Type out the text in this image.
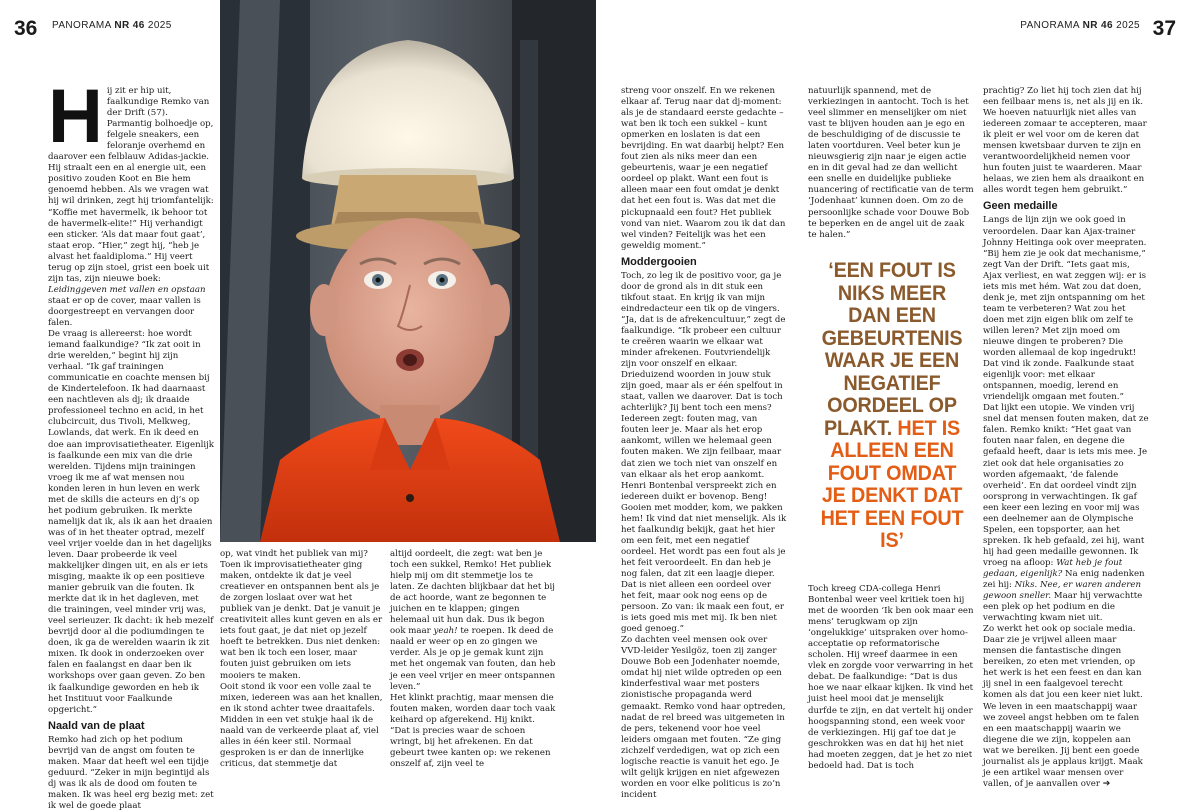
36 PANORAMA NR 46 2025	PANORAMA NR 46 2025 37
H ij zit er hip uit, faalkundige Remko van der Drift (57). Parmantig bolhoedje op, felgele sneakers, een feloranje overhemd en daarover een felblauw Adidas-jackie. Hij straalt een en al energie uit, een positivo zouden Koot en Bie hem genoemd hebben. Als we vragen wat hij wil drinken, zegt hij triomfantelijk: “Koffie met havermelk, ik behoor tot de havermelk-elite!” Hij verhandigt een sticker. ‘Als dat maar fout gaat’, staat erop. “Hier,” zegt hij, “heb je alvast het faaldiploma.” Hij veert terug op zijn stoel, grist een boek uit zijn tas, zijn nieuwe boek: Leidinggeven met vallen en opstaan staat er op de cover, maar vallen is doorgestreept en vervangen door falen.

De vraag is allereerst: hoe wordt iemand faalkundige? “Ik zat ooit in drie werelden,” begint hij zijn verhaal. “Ik gaf trainingen communicatie en coachte mensen bij de Kindertelefoon. Ik had daarnaast een nachtleven als dj; ik draaide professioneel techno en acid, in het clubcircuit, dus Tivoli, Melkweg, Lowlands, dat werk. En ik deed en doe aan improvisatietheater. Eigenlijk is faalkunde een mix van die drie werelden. Tijdens mijn trainingen vroeg ik me af wat mensen nou konden leren in hun leven en werk met de skills die acteurs en dj’s op het podium gebruiken. Ik merkte namelijk dat ik, als ik aan het draaien was of in het theater optrad, mezelf veel vrijer voelde dan in het dagelijks leven. Daar probeerde ik veel makkelijker dingen uit, en als er iets misging, maakte ik op een positieve manier gebruik van die fouten. Ik merkte dat ik in het dagleven, met die trainingen, veel minder vrij was, veel serieuzer. Ik dacht: ik heb mezelf bevrijd door al die podiumdingen te doen, ik ga de werelden waarin ik zit mixen. Ik dook in onderzoeken over falen en faalangst en daar ben ik workshops over gaan geven. Zo ben ik faalkundige geworden en heb ik het Instituut voor Faalkunde opgericht.”

Naald van de plaat

Remko had zich op het podium bevrijd van de angst om fouten te maken. Maar dat heeft wel een tijdje geduurd. “Zeker in mijn begintijd als dj was ik als de dood om fouten te maken. Ik was heel erg bezig met: zet ik wel de goede plaat

op, wat vindt het publiek van mij? Toen ik improvisatietheater ging maken, ontdekte ik dat je veel creatiever en ontspannen bent als je de zorgen loslaat over wat het publiek van je denkt. Dat je vanuit je creativiteit alles kunt geven en als er iets fout gaat, je dat niet op jezelf hoeft te betrekken. Dus niet denken: wat ben ik toch een loser, maar fouten juist gebruiken om iets mooiers te maken.
Ooit stond ik voor een volle zaal te mixen, iedereen was aan het knallen, en ik stond achter twee draaitafels. Midden in een vet stukje haal ik de naald van de verkeerde plaat af, viel alles in één keer stil. Normaal gesproken is er dan de innerlijke criticus, dat stemmetje dat

altijd oordeelt, die zegt: wat ben je toch een sukkel, Remko! Het publiek hielp mij om dit stemmetje los te laten. Ze dachten blijkbaar dat het bij de act hoorde, want ze begonnen te juichen en te klappen; gingen helemaal uit hun dak. Dus ik begon ook maar yeah! te roepen. Ik deed de naald er weer op en zo gingen we verder. Als je op je gemak kunt zijn met het ongemak van fouten, dan heb je een veel vrijer en meer ontspannen leven.”

Het klinkt prachtig, maar mensen die fouten maken, worden daar toch vaak keihard op afgerekend. Hij knikt. “Dat is precies waar de schoen wringt, bij het afrekenen. En dat gebeurt twee kanten op: we rekenen onszelf af, zijn veel te

streng voor onszelf. En we rekenen elkaar af. Terug naar dat dj-moment: als je de standaard eerste gedachte – wat ben ik toch een sukkel – kunt opmerken en loslaten is dat een bevrijding. En wat daarbij helpt? Een fout zien als niks meer dan een gebeurtenis, waar je een negatief oordeel op plakt. Want een fout is alleen maar een fout omdat je denkt dat het een fout is. Was dat met die pickupnaald een fout? Het publiek vond van niet. Waarom zou ik dat dan wel vinden? Feitelijk was het een geweldig moment.”

Moddergooien

Toch, zo leg ik de positivo voor, ga je door de grond als in dit stuk een tikfout staat. En krijg ik van mijn eindredacteur een tik op de vingers. “Ja, dat is de afrekencultuur,” zegt de faalkundige. “Ik probeer een cultuur te creëren waarin we elkaar wat minder afrekenen. Foutvriendelijk zijn voor onszelf en elkaar. Drieduizend woorden in jouw stuk zijn goed, maar als er één spelfout in staat, vallen we daarover. Dat is toch achterlijk? Jij bent toch een mens? Iedereen zegt: fouten mag, van fouten leer je. Maar als het erop aankomt, willen we helemaal geen fouten maken. We zijn feilbaar, maar dat zien we toch niet van onszelf en van elkaar als het erop aankomt. Henri Bontenbal verspreekt zich en iedereen duikt er bovenop. Beng! Gooien met modder, kom, we pakken hem! Ik vind dat niet menselijk. Als ik het faalkundig bekijk, gaat het hier om een feit, met een negatief oordeel. Het wordt pas een fout als je het feit veroordeelt. En dan heb je nog falen, dat zit een laagje dieper. Dat is niet alleen een oordeel over het feit, maar ook nog eens op de persoon. Zo van: ik maak een fout, er is iets goed mis met mij. Ik ben niet goed genoeg.”

Zo dachten veel mensen ook over VVD-leider Yesilgöz, toen zij zanger Douwe Bob een Jodenhater noemde, omdat hij niet wilde optreden op een kinderfestival waar met posters zionistische propaganda werd gemaakt. Remko vond haar optreden, nadat de rel breed was uitgemeten in de pers, tekenend voor hoe veel leiders omgaan met fouten. “Ze ging zichzelf verdedigen, wat op zich een logische reactie is vanuit het ego. Je wilt gelijk krijgen en niet afgewezen worden en voor elke politicus is zo’n incident

natuurlijk spannend, met de verkiezingen in aantocht. Toch is het veel slimmer en menselijker om niet vast te blijven houden aan je ego en de beschuldiging of de discussie te laten voortduren. Veel beter kun je nieuwsgierig zijn naar je eigen actie en in dit geval had ze dan wellicht een snelle en duidelijke publieke nuancering of rectificatie van de term ‘Jodenhaat’ kunnen doen. Om zo de persoonlijke schade voor Douwe Bob te beperken en de angel uit de zaak te halen.”

‘EEN FOUT IS NIKS MEER DAN EEN GEBEURTENIS WAAR JE EEN NEGATIEF OORDEEL OP PLAKT. HET IS ALLEEN EEN FOUT OMDAT JE DENKT DAT HET EEN FOUT IS’

Toch kreeg CDA-collega Henri Bontenbal weer veel kritiek toen hij met de woorden ‘Ik ben ook maar een mens’ terugkwam op zijn ‘ongelukkige’ uitspraken over homo-acceptatie op reformatorische scholen. Hij wreef daarmee in een vlek en zorgde voor verwarring in het debat. De faalkundige: “Dat is dus hoe we naar elkaar kijken. Ik vind het juist heel mooi dat je menselijk durfde te zijn, en dat vertelt hij onder hoogspanning stond, een week voor de verkiezingen. Hij gaf toe dat je geschrokken was en dat hij het niet had moeten zeggen, dat je het zo niet bedoeld had. Dat is toch

prachtig? Zo liet hij toch zien dat hij een feilbaar mens is, net als jij en ik. We hoeven natuurlijk niet alles van iedereen zomaar te accepteren, maar ik pleit er wel voor om de keren dat mensen kwetsbaar durven te zijn en verantwoordelijkheid nemen voor hun fouten juist te waarderen. Maar helaas, we zien hem als draaikont en alles wordt tegen hem gebruikt.”

Geen medaille

Langs de lijn zijn we ook goed in veroordelen. Daar kan Ajax-trainer Johnny Heitinga ook over meepraten. “Bij hem zie je ook dat mechanisme,” zegt Van der Drift. “Iets gaat mis, Ajax verliest, en wat zeggen wij: er is iets mis met hém. Wat zou dat doen, denk je, met zijn ontspanning om het team te verbeteren? Wat zou het doen met zijn eigen blik om zelf te willen leren? Met zijn moed om nieuwe dingen te proberen? Die worden allemaal de kop ingedrukt! Dat vind ik zonde. Faalkunde staat eigenlijk voor: met elkaar ontspannen, moedig, lerend en vriendelijk omgaan met fouten.”

Dat lijkt een utopie. We vinden vrij snel dat mensen fouten maken, dat ze falen. Remko knikt: “Het gaat van fouten naar falen, en degene die gefaald heeft, daar is iets mis mee. Je ziet ook dat hele organisaties zo worden afgemaakt, ‘de falende overheid’. En dat oordeel vindt zijn oorsprong in verwachtingen. Ik gaf een keer een lezing en voor mij was een deelnemer aan de Olympische Spelen, een topsporter, aan het spreken. Ik heb gefaald, zei hij, want hij had geen medaille gewonnen. Ik vroeg na afloop: Wat heb je fout gedaan, eigenlijk? Na enig nadenken zei hij: Niks. Nee, er waren anderen gewoon sneller. Maar hij verwachtte een plek op het podium en die verwachting kwam niet uit.

Zo werkt het ook op sociale media. Daar zie je vrijwel alleen maar mensen die fantastische dingen bereiken, zo eten met vrienden, op het werk is het een feest en dan kan jij snel in een faalgevoel terecht komen als dat jou een keer niet lukt. We leven in een maatschappij waar we zoveel angst hebben om te falen en een maatschappij waarin we diegene die we zijn, koppelen aan wat we bereiken. Jij bent een goede journalist als je applaus krijgt. Maak je een artikel waar mensen over vallen, of je aanvallen over ➔
